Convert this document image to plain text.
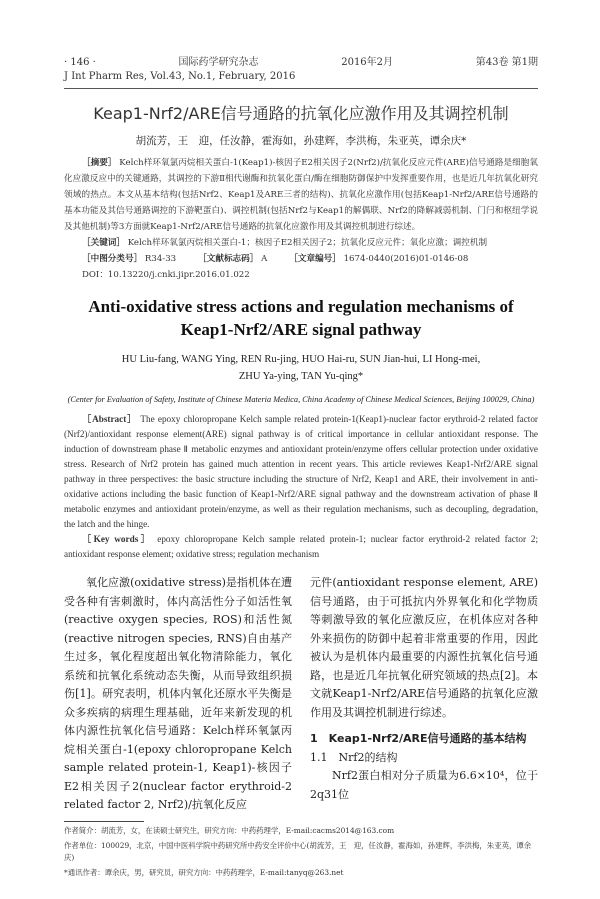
· 146 ·	国际药学研究杂志	2016年2月	第43卷 第1期
J Int Pharm Res, Vol.43, No.1, February, 2016
Keap1-Nrf2/ARE信号通路的抗氧化应激作用及其调控机制
胡流芳，王　迎，任汝静，霍海如，孙建辉，李洪梅，朱亚英，谭余庆*
［摘要］ Kelch样环氧氯丙烷相关蛋白-1(Keap1)-核因子E2相关因子2(Nrf2)/抗氧化反应元件(ARE)信号通路是细胞氧化应激反应中的关键通路，其调控的下游Ⅱ相代谢酶和抗氧化蛋白/酶在细胞防御保护中发挥重要作用，也是近几年抗氧化研究领域的热点。本文从基本结构(包括Nrf2、Keap1及ARE三者的结构)、抗氧化应激作用(包括Keap1-Nrf2/ARE信号通路的基本功能及其信号通路调控的下游靶蛋白)、调控机制(包括Nrf2与Keap1的解偶联、Nrf2的降解减弱机制、门闩和枢纽学说及其他机制)等3方面就Keap1-Nrf2/ARE信号通路的抗氧化应激作用及其调控机制进行综述。
［关键词］ Kelch样环氧氯丙烷相关蛋白-1；核因子E2相关因子2；抗氧化反应元件；氧化应激；调控机制
［中图分类号］ R34-33	［文献标志码］ A	［文章编号］ 1674-0440(2016)01-0146-08
DOI：10.13220/j.cnki.jipr.2016.01.022
Anti-oxidative stress actions and regulation mechanisms of
Keap1-Nrf2/ARE signal pathway
HU Liu-fang, WANG Ying, REN Ru-jing, HUO Hai-ru, SUN Jian-hui, LI Hong-mei,
ZHU Ya-ying, TAN Yu-qing*
(Center for Evaluation of Safety, Institute of Chinese Materia Medica, China Academy of Chinese Medical Sciences, Beijing 100029, China)
［Abstract］ The epoxy chloropropane Kelch sample related protein-1(Keap1)-nuclear factor erythroid-2 related factor (Nrf2)/antioxidant response element(ARE) signal pathway is of critical importance in cellular antioxidant response. The induction of downstream phase Ⅱ metabolic enzymes and antioxidant protein/enzyme offers cellular protection under oxidative stress. Research of Nrf2 protein has gained much attention in recent years. This article reviewes Keap1-Nrf2/ARE signal pathway in three perspectives: the basic structure including the structure of Nrf2, Keap1 and ARE, their involvement in anti-oxidative actions including the basic function of Keap1-Nrf2/ARE signal pathway and the downstream activation of phase Ⅱ metabolic enzymes and antioxidant protein/enzyme, as well as their regulation mechanisms, such as decoupling, degradation, the latch and the hinge.
［Key words］ epoxy chloropropane Kelch sample related protein-1; nuclear factor erythroid-2 related factor 2; antioxidant response element; oxidative stress; regulation mechanism
氧化应激(oxidative stress)是指机体在遭受各种有害刺激时，体内高活性分子如活性氧(reactive oxygen species, ROS)和活性氮(reactive nitrogen species, RNS)自由基产生过多，氧化程度超出氧化物清除能力，氧化系统和抗氧化系统动态失衡，从而导致组织损伤[1]。研究表明，机体内氧化还原水平失衡是众多疾病的病理生理基础，近年来新发现的机体内源性抗氧化信号通路：Kelch样环氧氯丙烷相关蛋白-1(epoxy chloropropane Kelch sample related protein-1, Keap1)-核因子E2相关因子2(nuclear factor erythroid-2 related factor 2, Nrf2)/抗氧化反应
元件(antioxidant response element, ARE)信号通路，由于可抵抗内外界氧化和化学物质等刺激导致的氧化应激反应，在机体应对各种外来损伤的防御中起着非常重要的作用，因此被认为是机体内最重要的内源性抗氧化信号通路，也是近几年抗氧化研究领域的热点[2]。本文就Keap1-Nrf2/ARE信号通路的抗氧化应激作用及其调控机制进行综述。
1　Keap1-Nrf2/ARE信号通路的基本结构
1.1　Nrf2的结构
Nrf2蛋白相对分子质量为6.6×10⁴，位于2q31位
作者简介：胡流芳，女，在读硕士研究生，研究方向：中药药理学，E-mail:cacms2014@163.com
作者单位：100029，北京，中国中医科学院中药研究所中药安全评价中心(胡流芳，王　迎，任汝静，霍海如，孙建辉，李洪梅，朱亚英，谭余庆)
*通讯作者：谭余庆，男，研究员，研究方向：中药药理学，E-mail:tanyq@263.net
